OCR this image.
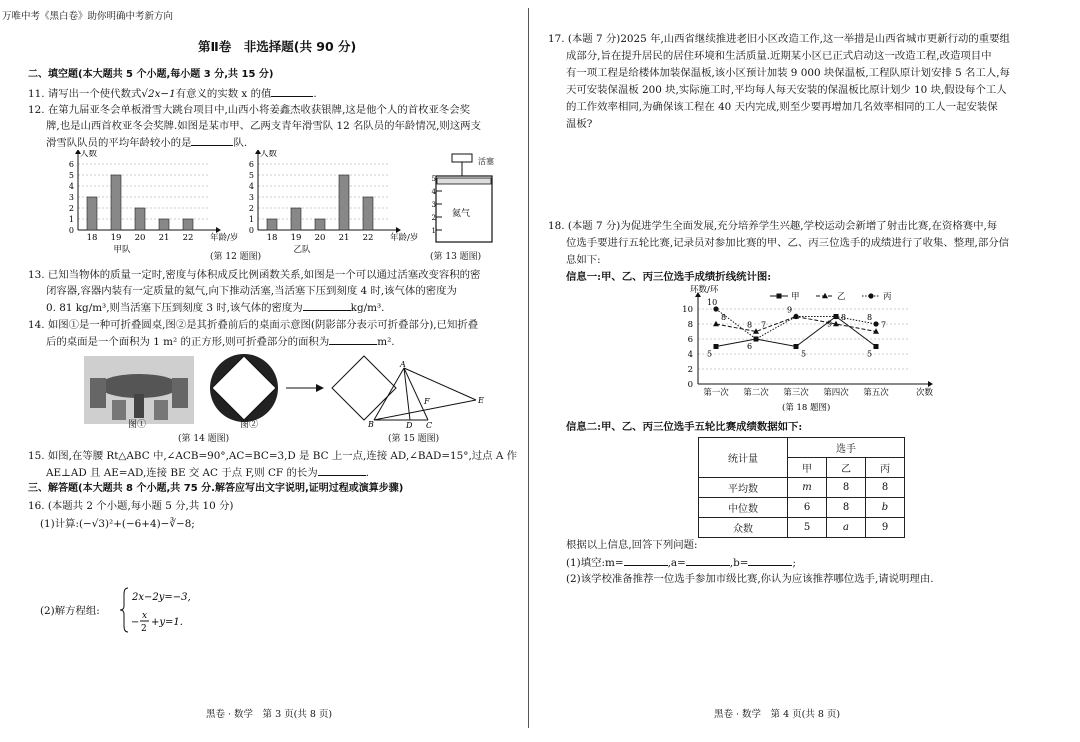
万唯中考《黑白卷》助你明确中考新方向
第Ⅱ卷　非选择题(共 90 分)
二、填空题(本大题共 5 个小题,每小题 3 分,共 15 分)
11. 请写出一个使代数式√2x−1有意义的实数 x 的值	.
12. 在第九届亚冬会单板滑雪大跳台项目中,山西小将姜鑫杰收获银牌,这是他个人的首枚亚冬会奖
牌,也是山西首枚亚冬会奖牌.如图是某市甲、乙两支青年滑雪队 12 名队员的年龄情况,则这两支
滑雪队队员的平均年龄较小的是	队.
0
1
2
3
4
5
6
人数
18 19 20 21 22 年龄/岁
甲队
0
1
2
3
4
5
6
人数
18 19 20 21 22 年龄/岁
乙队
(第 12 题图)
5
4
3
2
1
活塞
氦气
(第 13 题图)
13. 已知当物体的质量一定时,密度与体积成反比例函数关系,如图是一个可以通过活塞改变容积的密
闭容器,容器内装有一定质量的氦气,向下推动活塞,当活塞下压到刻度 4 时,该气体的密度为
0. 81 kg/m³,则当活塞下压到刻度 3 时,该气体的密度为	kg/m³.
14. 如图①是一种可折叠圆桌,图②是其折叠前后的桌面示意图(阴影部分表示可折叠部分),已知折叠
后的桌面是一个面积为 1 m² 的正方形,则可折叠部分的面积为	m².
图①	图②
(第 14 题图)
A
B	D C
E
F
(第 15 题图)
15. 如图,在等腰 Rt△ABC 中,∠ACB=90°,AC=BC=3,D 是 BC 上一点,连接 AD,∠BAD=15°,过点 A 作
AE⊥AD 且 AE=AD,连接 BE 交 AC 于点 F,则 CF 的长为	.
三、解答题(本大题共 8 个小题,共 75 分.解答应写出文字说明,证明过程或演算步骤)
16. (本题共 2 个小题,每小题 5 分,共 10 分)
(1)计算:(−√3)²+(−6+4)−∛−8;
(2)解方程组:
2x−2y=−3,
−
x
2
+y=1.
黑卷 · 数学　第 3 页(共 8 页)
17. (本题 7 分)2025 年,山西省继续推进老旧小区改造工作,这一举措是山西省城市更新行动的重要组
成部分,旨在提升居民的居住环境和生活质量.近期某小区已正式启动这一改造工程,改造项目中
有一项工程是给楼体加装保温板,该小区预计加装 9 000 块保温板,工程队原计划安排 5 名工人,每
天可安装保温板 200 块,实际施工时,平均每人每天安装的保温板比原计划少 10 块,假设每个工人
的工作效率相同,为确保该工程在 40 天内完成,则至少要再增加几名效率相同的工人一起安装保
温板?
18. (本题 7 分)为促进学生全面发展,充分培养学生兴趣,学校运动会新增了射击比赛,在资格赛中,每
位选手要进行五轮比赛,记录员对参加比赛的甲、乙、丙三位选手的成绩进行了收集、整理,部分信
息如下:
信息一:甲、乙、丙三位选手成绩折线统计图:
0
2
4
6
8
10
环数/环
第一次 第二次 第三次 第四次 第五次	次数
(第 18 题图)
甲	乙	丙
10
8
5
8 7
6
9
5
9
8	8
7
5
信息二:甲、乙、丙三位选手五轮比赛成绩数据如下:
统计量	选手		
	甲	乙	丙
平均数	m	8	8
中位数	6	8	b
众数	5	a	9
根据以上信息,回答下列问题:
(1)填空:m=	,a=	,b=	;
(2)该学校准备推荐一位选手参加市级比赛,你认为应该推荐哪位选手,请说明理由.
黑卷 · 数学　第 4 页(共 8 页)
